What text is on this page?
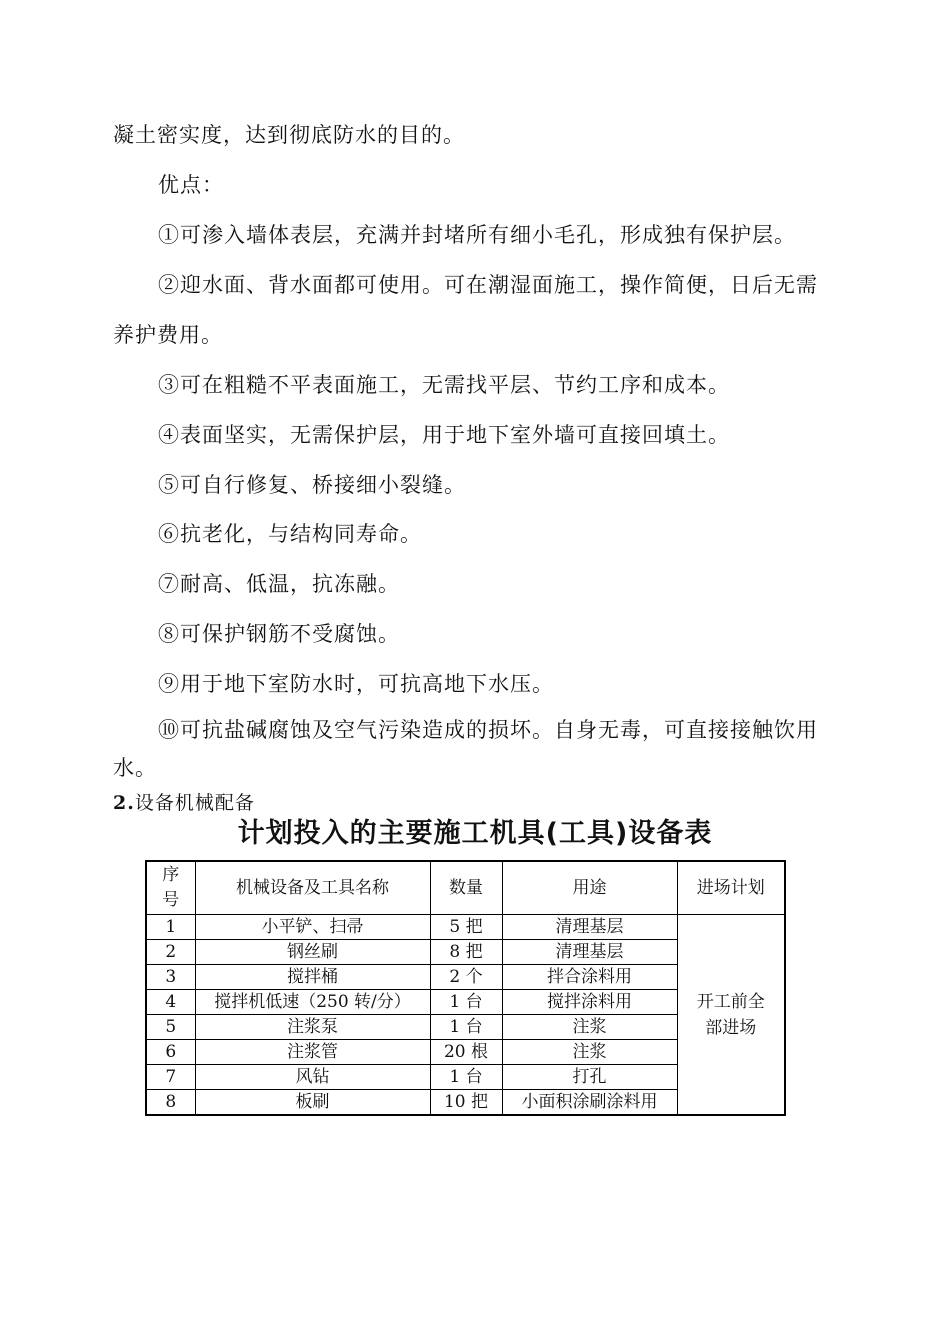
凝土密实度，达到彻底防水的目的。

优点：

①可渗入墙体表层，充满并封堵所有细小毛孔，形成独有保护层。

②迎水面、背水面都可使用。可在潮湿面施工，操作简便，日后无需

养护费用。

③可在粗糙不平表面施工，无需找平层、节约工序和成本。

④表面坚实，无需保护层，用于地下室外墙可直接回填土。

⑤可自行修复、桥接细小裂缝。

⑥抗老化，与结构同寿命。

⑦耐高、低温，抗冻融。

⑧可保护钢筋不受腐蚀。

⑨用于地下室防水时，可抗高地下水压。

⑩可抗盐碱腐蚀及空气污染造成的损坏。自身无毒，可直接接触饮用

水。

2.设备机械配备

计划投入的主要施工机具(工具)设备表
序
号	机械设备及工具名称	数量	用途	进场计划
1	小平铲、扫帚	5 把	清理基层	开工前全
部进场
2	钢丝刷	8 把	清理基层	
3	搅拌桶	2 个	拌合涂料用	
4	搅拌机低速（250 转/分）	1 台	搅拌涂料用	
5	注浆泵	1 台	注浆	
6	注浆管	20 根	注浆	
7	风钻	1 台	打孔	
8	板刷	10 把	小面积涂刷涂料用	
